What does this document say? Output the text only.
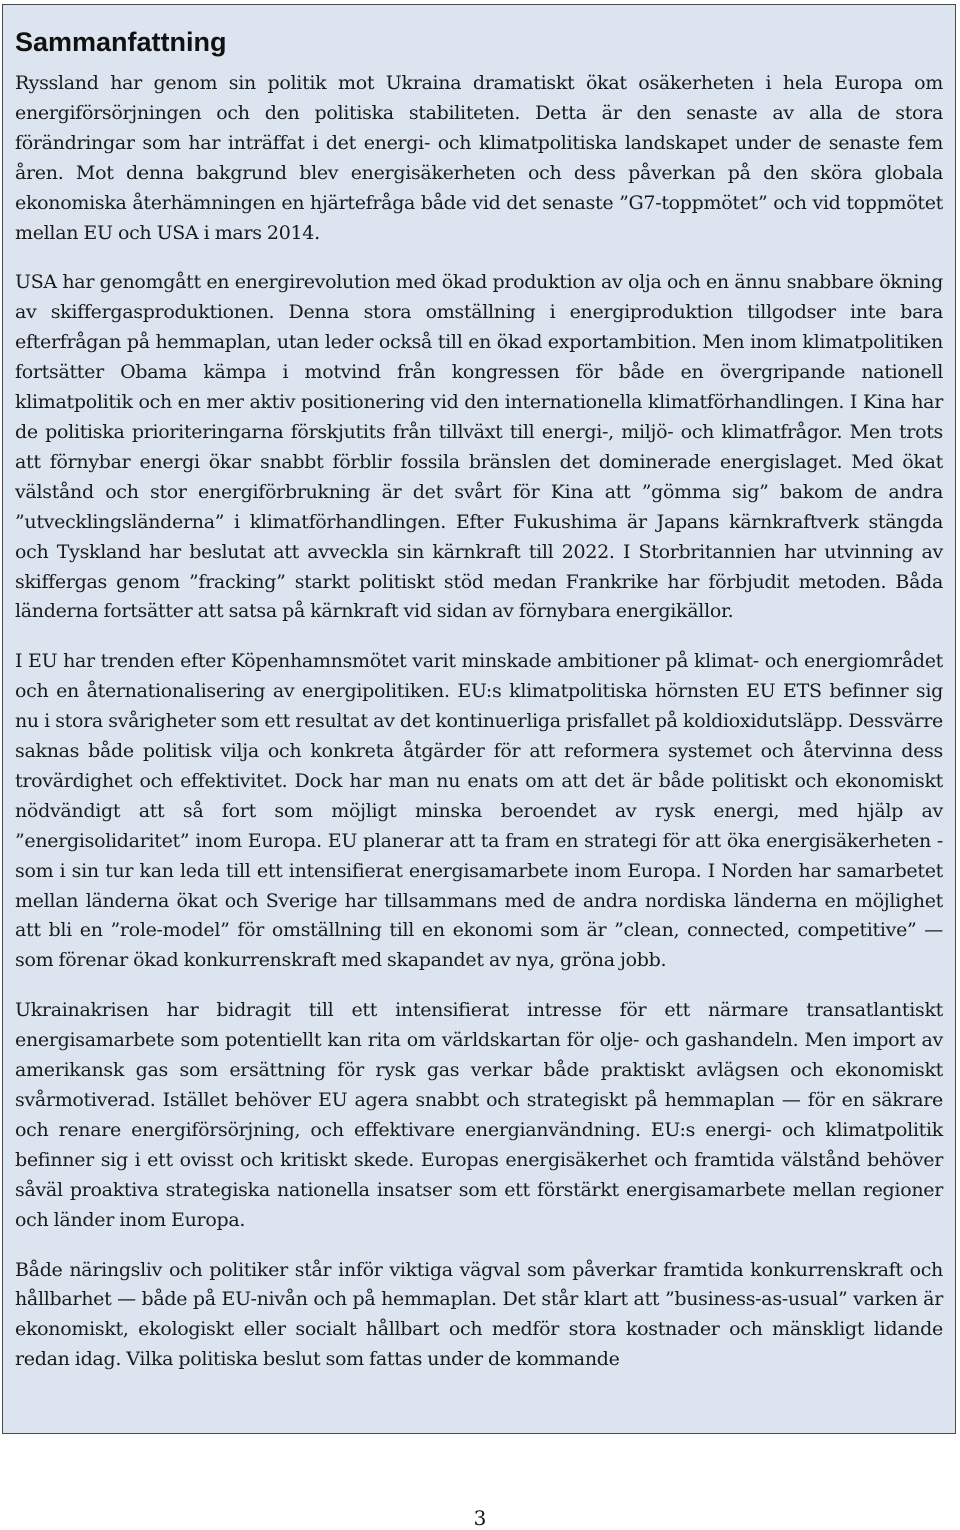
Sammanfattning

Ryssland har genom sin politik mot Ukraina dramatiskt ökat osäkerheten i hela Europa om energiförsörjningen och den politiska stabiliteten. Detta är den senaste av alla de stora förändringar som har inträffat i det energi- och klimatpolitiska landskapet under de senaste fem åren. Mot denna bakgrund blev energisäkerheten och dess påverkan på den sköra globala ekonomiska återhämningen en hjärtefråga både vid det senaste ”G7-toppmötet” och vid toppmötet mellan EU och USA i mars 2014.

USA har genomgått en energirevolution med ökad produktion av olja och en ännu snabbare ökning av skiffergasproduktionen. Denna stora omställning i energiproduktion tillgodser inte bara efterfrågan på hemmaplan, utan leder också till en ökad exportambition. Men inom klimatpolitiken fortsätter Obama kämpa i motvind från kongressen för både en övergripande nationell klimatpolitik och en mer aktiv positionering vid den internationella klimatförhandlingen. I Kina har de politiska prioriteringarna förskjutits från tillväxt till energi-, miljö- och klimatfrågor. Men trots att förnybar energi ökar snabbt förblir fossila bränslen det dominerade energislaget. Med ökat välstånd och stor energiförbrukning är det svårt för Kina att ”gömma sig” bakom de andra ”utvecklingsländerna” i klimatförhandlingen. Efter Fukushima är Japans kärnkraftverk stängda och Tyskland har beslutat att avveckla sin kärnkraft till 2022. I Storbritannien har utvinning av skiffergas genom ”fracking” starkt politiskt stöd medan Frankrike har förbjudit metoden. Båda länderna fortsätter att satsa på kärnkraft vid sidan av förnybara energikällor.

I EU har trenden efter Köpenhamnsmötet varit minskade ambitioner på klimat- och energiområdet och en åternationalisering av energipolitiken. EU:s klimatpolitiska hörnsten EU ETS befinner sig nu i stora svårigheter som ett resultat av det kontinuerliga prisfallet på koldioxidutsläpp. Dessvärre saknas både politisk vilja och konkreta åtgärder för att reformera systemet och återvinna dess trovärdighet och effektivitet. Dock har man nu enats om att det är både politiskt och ekonomiskt nödvändigt att så fort som möjligt minska beroendet av rysk energi, med hjälp av ”energisolidaritet” inom Europa. EU planerar att ta fram en strategi för att öka energisäkerheten - som i sin tur kan leda till ett intensifierat energisamarbete inom Europa. I Norden har samarbetet mellan länderna ökat och Sverige har tillsammans med de andra nordiska länderna en möjlighet att bli en ”role-model” för omställning till en ekonomi som är ”clean, connected, competitive” — som förenar ökad konkurrenskraft med skapandet av nya, gröna jobb.

Ukrainakrisen har bidragit till ett intensifierat intresse för ett närmare transatlantiskt energisamarbete som potentiellt kan rita om världskartan för olje- och gashandeln. Men import av amerikansk gas som ersättning för rysk gas verkar både praktiskt avlägsen och ekonomiskt svårmotiverad. Istället behöver EU agera snabbt och strategiskt på hemmaplan — för en säkrare och renare energiförsörjning, och effektivare energianvändning. EU:s energi- och klimatpolitik befinner sig i ett ovisst och kritiskt skede. Europas energisäkerhet och framtida välstånd behöver såväl proaktiva strategiska nationella insatser som ett förstärkt energisamarbete mellan regioner och länder inom Europa.

Både näringsliv och politiker står inför viktiga vägval som påverkar framtida konkurrenskraft och hållbarhet — både på EU-nivån och på hemmaplan. Det står klart att ”business-as-usual” varken är ekonomiskt, ekologiskt eller socialt hållbart och medför stora kostnader och mänskligt lidande redan idag. Vilka politiska beslut som fattas under de kommande

3
